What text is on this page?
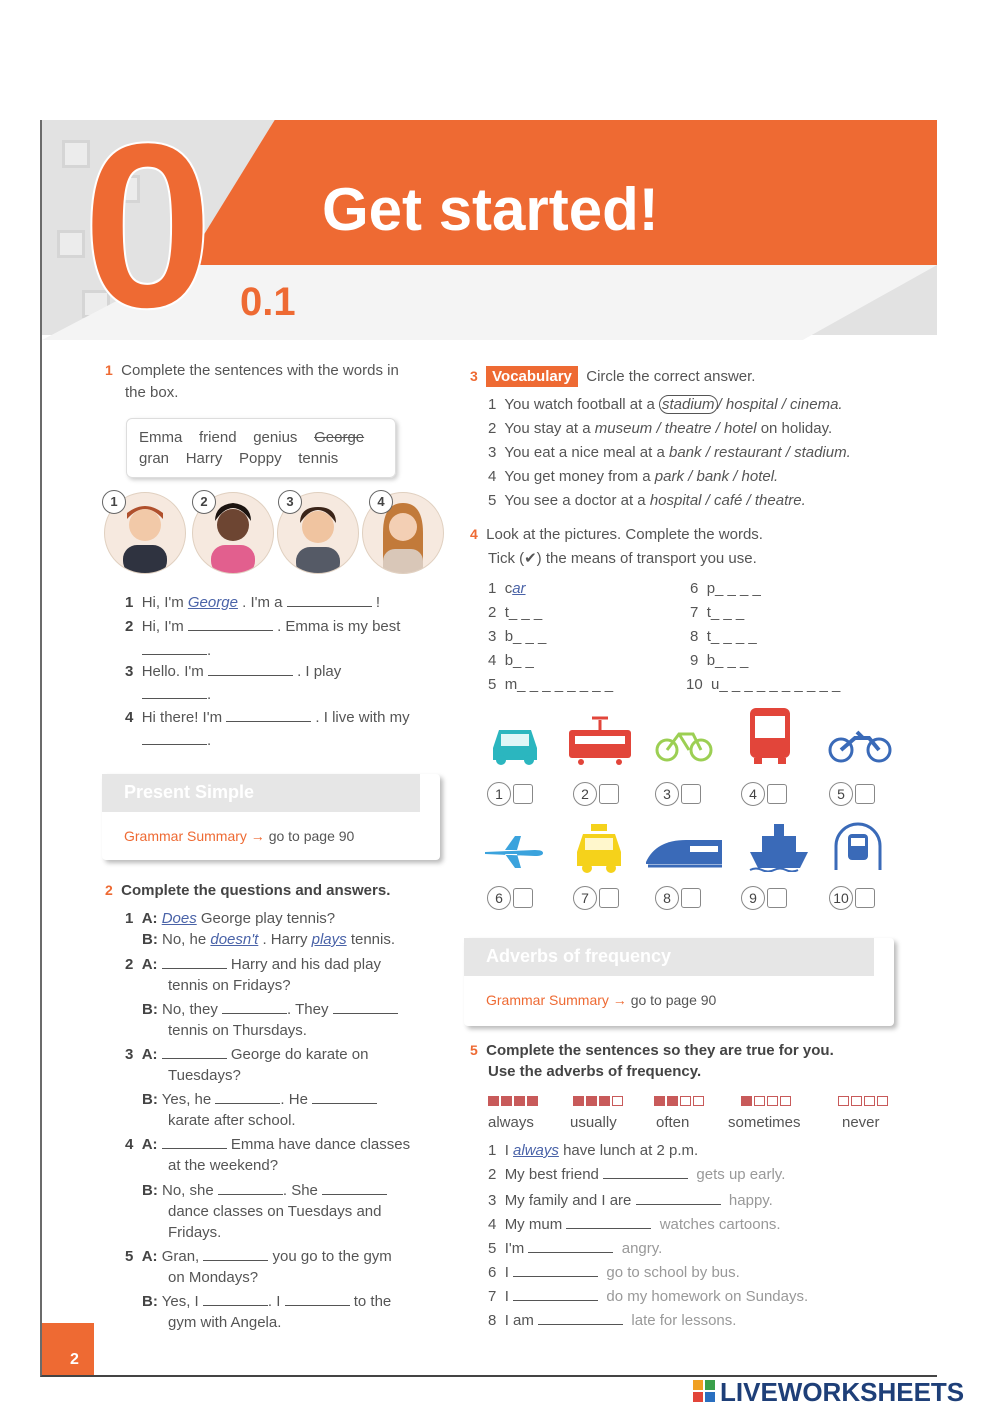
0 Get started!
0.1
1 Complete the sentences with the words in
the box.
Emma friend genius George
gran Harry Poppy tennis
1	2	3	4
1 Hi, I'm George . I'm a	!
2 Hi, I'm	. Emma is my best
.
3 Hello. I'm	. I play
.
4 Hi there! I'm	. I live with my
.
Present Simple
Grammar Summary → go to page 90
2 Complete the questions and answers.
1 A: Does George play tennis?
B: No, he doesn't . Harry plays tennis.
2 A:	Harry and his dad play
tennis on Fridays?
B: No, they	. They
tennis on Thursdays.
3 A:	George do karate on
Tuesdays?
B: Yes, he	. He
karate after school.
4 A:	Emma have dance classes
at the weekend?
B: No, she	. She
dance classes on Tuesdays and
Fridays.
5 A: Gran,	you go to the gym
on Mondays?
B: Yes, I	. I	to the
gym with Angela.
3 Vocabulary Circle the correct answer.
1 You watch football at a stadium / hospital / cinema.
2 You stay at a museum / theatre / hotel on holiday.
3 You eat a nice meal at a bank / restaurant / stadium.
4 You get money from a park / bank / hotel.
5 You see a doctor at a hospital / café / theatre.
4 Look at the pictures. Complete the words.
Tick (✔) the means of transport you use.
1 car
2 t_ _ _
3 b_ _ _
4 b_ _
5 m_ _ _ _ _ _ _ _
6 p_ _ _ _
7 t_ _ _
8 t_ _ _ _
9 b_ _ _
10 u_ _ _ _ _ _ _ _ _ _
1	2	3	4	5
6	7	8	9	10
Adverbs of frequency
Grammar Summary → go to page 90
5 Complete the sentences so they are true for you.
Use the adverbs of frequency.
always usually	often	sometimes	never
1 I always have lunch at 2 p.m.
2 My best friend	gets up early.
3 My family and I are	happy.
4 My mum	watches cartoons.
5 I'm	angry.
6 I	go to school by bus.
7 I	do my homework on Sundays.
8 I am	late for lessons.
2
LIVEWORKSHEETS
